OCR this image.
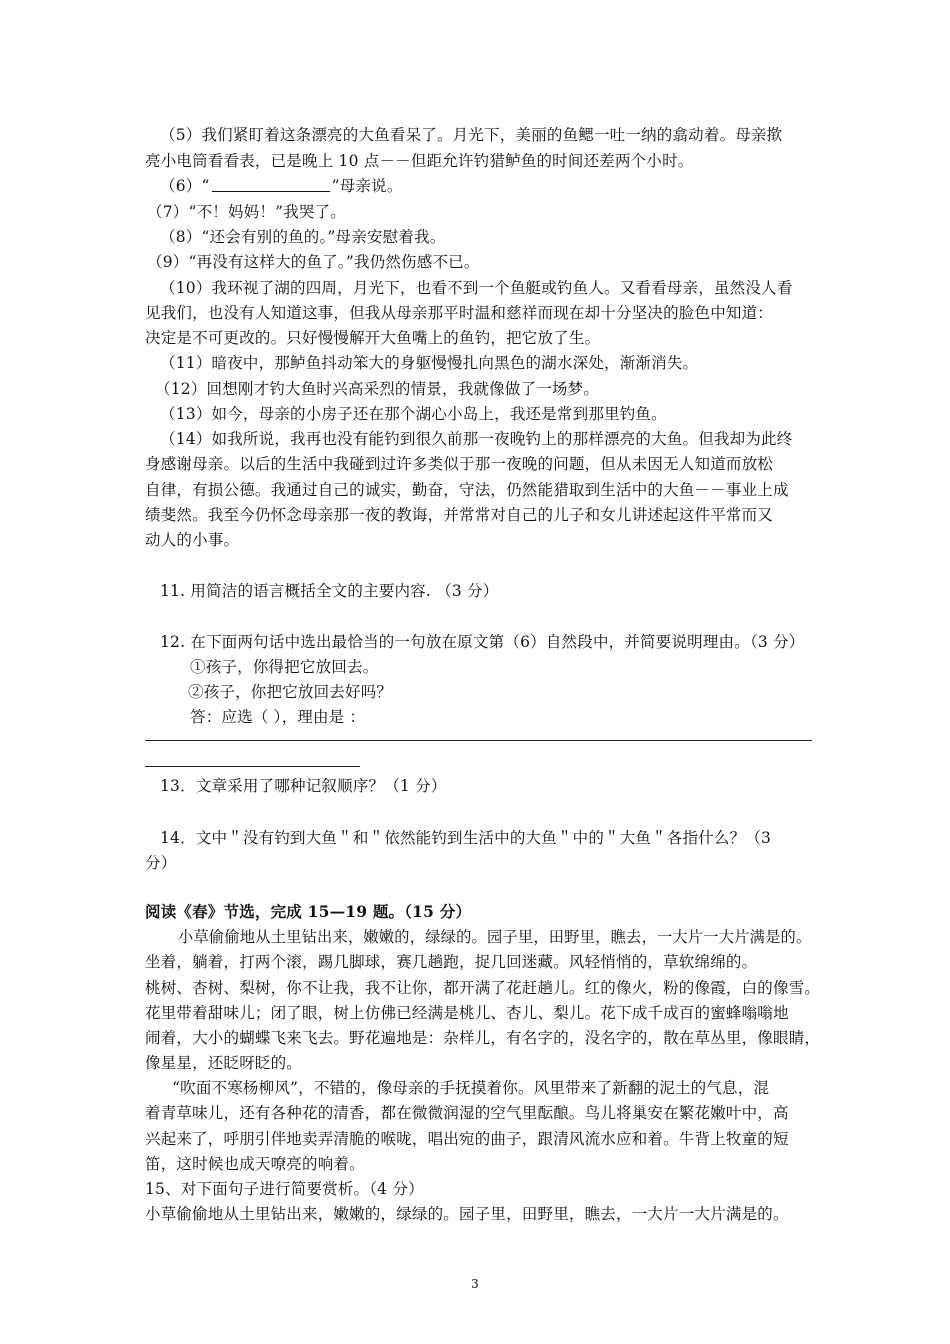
（5）我们紧盯着这条漂亮的大鱼看呆了。月光下，美丽的鱼鳃一吐一纳的翕动着。母亲揿
亮小电筒看看表，已是晚上 10 点－－但距允许钓猎鲈鱼的时间还差两个小时。
（6）“	”母亲说。
（7）“不！妈妈！”我哭了。
（8）“还会有别的鱼的。”母亲安慰着我。
（9）“再没有这样大的鱼了。”我仍然伤感不已。
（10）我环视了湖的四周，月光下，也看不到一个鱼艇或钓鱼人。又看看母亲，虽然没人看
见我们，也没有人知道这事，但我从母亲那平时温和慈祥而现在却十分坚决的脸色中知道：
决定是不可更改的。只好慢慢解开大鱼嘴上的鱼钓，把它放了生。
（11）暗夜中，那鲈鱼抖动笨大的身躯慢慢扎向黑色的湖水深处，渐渐消失。
（12）回想刚才钓大鱼时兴高采烈的情景，我就像做了一场梦。
（13）如今，母亲的小房子还在那个湖心小岛上，我还是常到那里钓鱼。
（14）如我所说，我再也没有能钓到很久前那一夜晚钓上的那样漂亮的大鱼。但我却为此终
身感谢母亲。以后的生活中我碰到过许多类似于那一夜晚的问题，但从未因无人知道而放松
自律，有损公德。我通过自己的诚实，勤奋，守法，仍然能猎取到生活中的大鱼－－事业上成
绩斐然。我至今仍怀念母亲那一夜的教诲，并常常对自己的儿子和女儿讲述起这件平常而又
动人的小事。
11. 用简洁的语言概括全文的主要内容. （3 分）
12. 在下面两句话中选出最恰当的一句放在原文第（6）自然段中，并简要说明理由。（3 分）
①孩子，你得把它放回去。
②孩子，你把它放回去好吗？
答：应选（ ），理由是 ：
13．文章采用了哪种记叙顺序？（1 分）
14．文中＂没有钓到大鱼＂和＂依然能钓到生活中的大鱼＂中的＂大鱼＂各指什么？（3
分）
阅读《春》节选，完成 15—19 题。（15 分）
小草偷偷地从土里钻出来，嫩嫩的，绿绿的。园子里，田野里，瞧去，一大片一大片满是的。
坐着，躺着，打两个滚，踢几脚球，赛几趟跑，捉几回迷藏。风轻悄悄的，草软绵绵的。
桃树、杏树、梨树，你不让我，我不让你，都开满了花赶趟儿。红的像火，粉的像霞，白的像雪。
花里带着甜味儿；闭了眼，树上仿佛已经满是桃儿、杏儿、梨儿。花下成千成百的蜜蜂嗡嗡地
闹着，大小的蝴蝶飞来飞去。野花遍地是：杂样儿，有名字的，没名字的，散在草丛里，像眼睛，
像星星，还眨呀眨的。
“吹面不寒杨柳风”，不错的，像母亲的手抚摸着你。风里带来了新翻的泥土的气息，混
着青草味儿，还有各种花的清香，都在微微润湿的空气里酝酿。鸟儿将巢安在繁花嫩叶中，高
兴起来了，呼朋引伴地卖弄清脆的喉咙，唱出宛的曲子，跟清风流水应和着。牛背上牧童的短
笛，这时候也成天嘹亮的响着。
15、对下面句子进行简要赏析。（4 分）
小草偷偷地从土里钻出来，嫩嫩的，绿绿的。园子里，田野里，瞧去，一大片一大片满是的。
3
